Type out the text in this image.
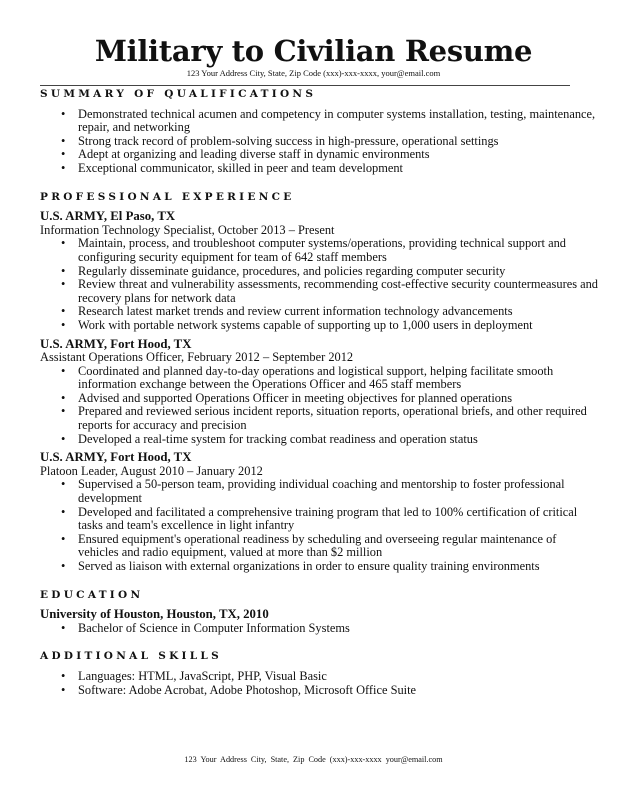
Military to Civilian Resume
123 Your Address City, State, Zip Code (xxx)-xxx-xxxx, your@email.com
SUMMARY OF QUALIFICATIONS
• Demonstrated technical acumen and competency in computer systems installation, testing, maintenance, repair, and networking
• Strong track record of problem-solving success in high-pressure, operational settings
• Adept at organizing and leading diverse staff in dynamic environments
• Exceptional communicator, skilled in peer and team development
PROFESSIONAL EXPERIENCE
U.S. ARMY, El Paso, TX
Information Technology Specialist, October 2013 – Present
• Maintain, process, and troubleshoot computer systems/operations, providing technical support and configuring security equipment for team of 642 staff members
• Regularly disseminate guidance, procedures, and policies regarding computer security
• Review threat and vulnerability assessments, recommending cost-effective security countermeasures and recovery plans for network data
• Research latest market trends and review current information technology advancements
• Work with portable network systems capable of supporting up to 1,000 users in deployment
U.S. ARMY, Fort Hood, TX
Assistant Operations Officer, February 2012 – September 2012
• Coordinated and planned day-to-day operations and logistical support, helping facilitate smooth information exchange between the Operations Officer and 465 staff members
• Advised and supported Operations Officer in meeting objectives for planned operations
• Prepared and reviewed serious incident reports, situation reports, operational briefs, and other required reports for accuracy and precision
• Developed a real-time system for tracking combat readiness and operation status
U.S. ARMY, Fort Hood, TX
Platoon Leader, August 2010 – January 2012
• Supervised a 50-person team, providing individual coaching and mentorship to foster professional development
• Developed and facilitated a comprehensive training program that led to 100% certification of critical tasks and team's excellence in light infantry
• Ensured equipment's operational readiness by scheduling and overseeing regular maintenance of vehicles and radio equipment, valued at more than $2 million
• Served as liaison with external organizations in order to ensure quality training environments
EDUCATION
University of Houston, Houston, TX, 2010
• Bachelor of Science in Computer Information Systems
ADDITIONAL SKILLS
• Languages: HTML, JavaScript, PHP, Visual Basic
• Software: Adobe Acrobat, Adobe Photoshop, Microsoft Office Suite
123 Your Address City, State, Zip Code (xxx)-xxx-xxxx your@email.com
